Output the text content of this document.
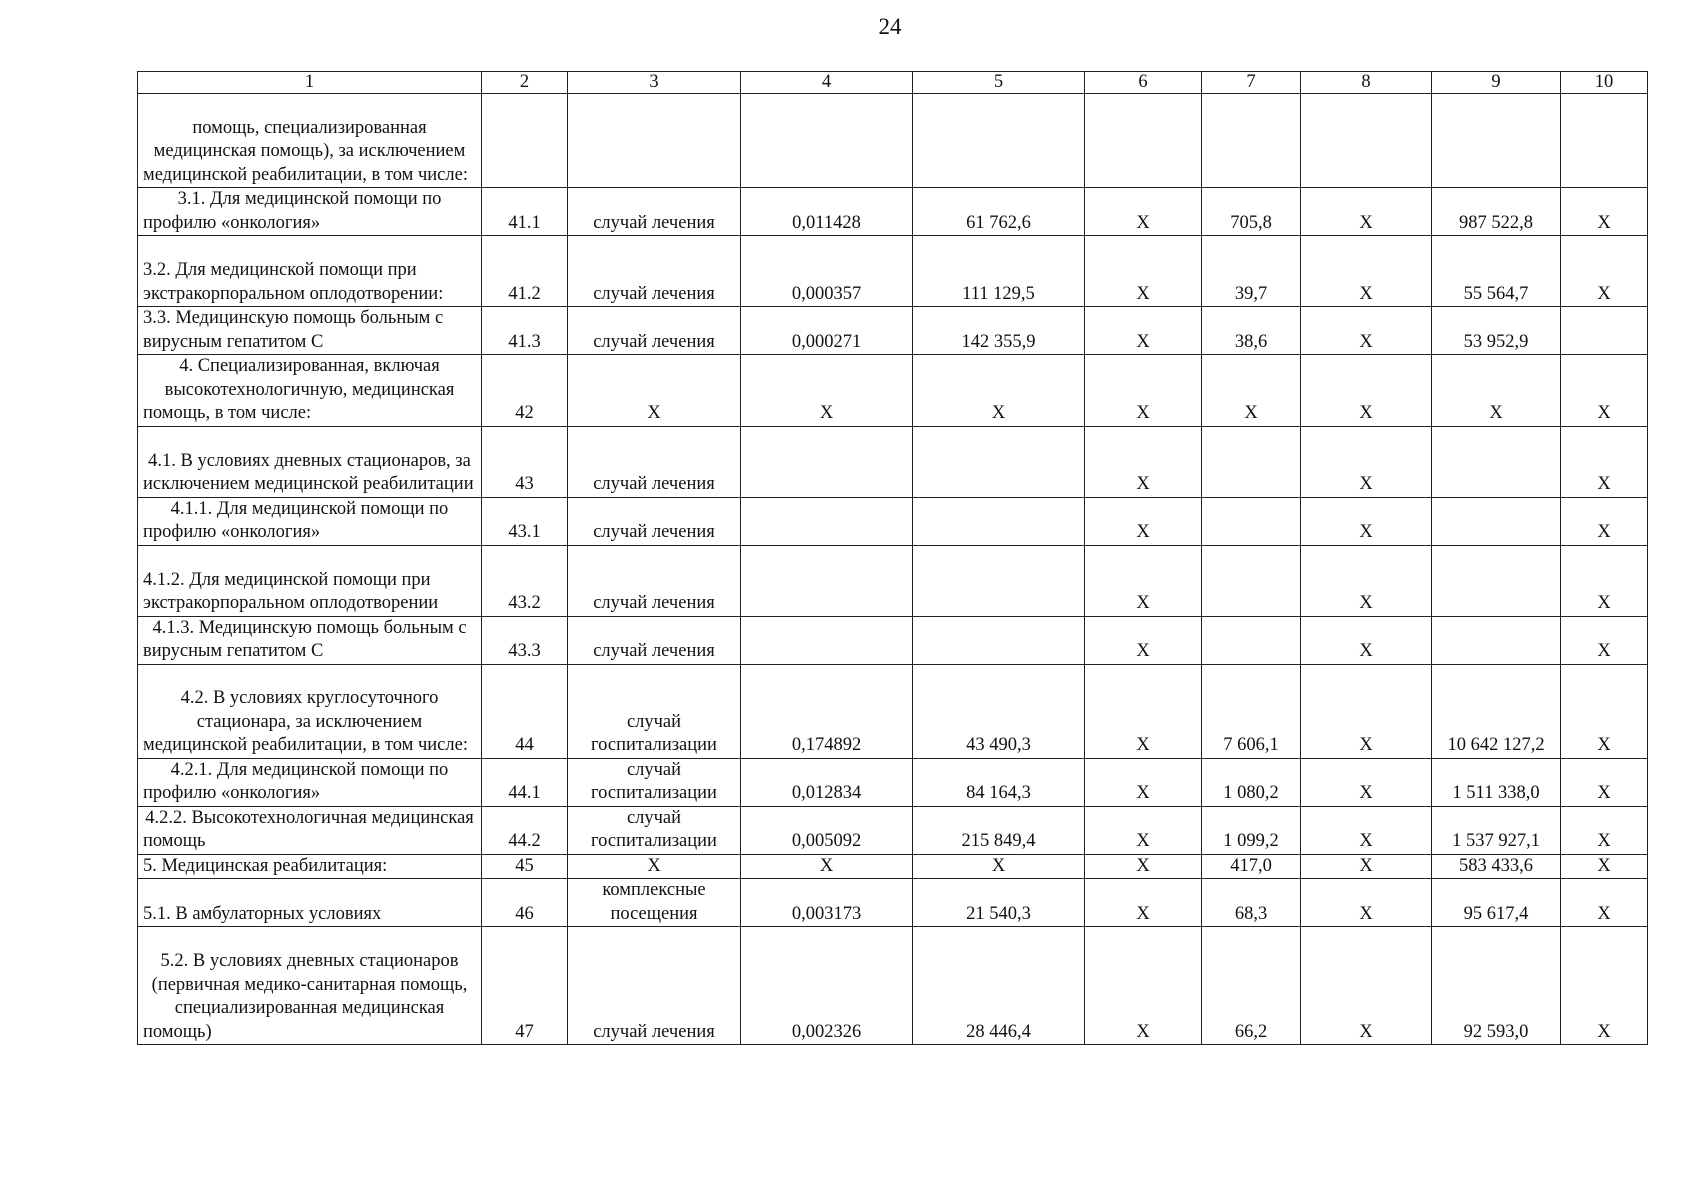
24
1	2	3	4	5	6	7	8	9	10
помощь, специализированная медицинская помощь), за исключением медицинской реабилитации, в том числе:									
3.1. Для медицинской помощи по профилю «онкология»	41.1	случай лечения	0,011428	61 762,6	X	705,8	X	987 522,8	X
3.2. Для медицинской помощи при экстракорпоральном оплодотворении:	41.2	случай лечения	0,000357	111 129,5	X	39,7	X	55 564,7	X
3.3. Медицинскую помощь больным с вирусным гепатитом С	41.3	случай лечения	0,000271	142 355,9	X	38,6	X	53 952,9	
4. Специализированная, включая высокотехнологичную, медицинская помощь, в том числе:	42	X	X	X	X	X	X	X	X
4.1. В условиях дневных стационаров, за исключением медицинской реабилитации	43	случай лечения			X		X		X
4.1.1. Для медицинской помощи по профилю «онкология»	43.1	случай лечения			X		X		X
4.1.2. Для медицинской помощи при экстракорпоральном оплодотворении	43.2	случай лечения			X		X		X
4.1.3. Медицинскую помощь больным с вирусным гепатитом С	43.3	случай лечения			X		X		X
4.2. В условиях круглосуточного стационара, за исключением медицинской реабилитации, в том числе:	44	случай госпитализации	0,174892	43 490,3	X	7 606,1	X	10 642 127,2	X
4.2.1. Для медицинской помощи по профилю «онкология»	44.1	случай госпитализации	0,012834	84 164,3	X	1 080,2	X	1 511 338,0	X
4.2.2. Высокотехнологичная медицинская помощь	44.2	случай госпитализации	0,005092	215 849,4	X	1 099,2	X	1 537 927,1	X
5. Медицинская реабилитация:	45	X	X	X	X	417,0	X	583 433,6	X
5.1. В амбулаторных условиях	46	комплексные посещения	0,003173	21 540,3	X	68,3	X	95 617,4	X
5.2. В условиях дневных стационаров (первичная медико-санитарная помощь, специализированная медицинская помощь)	47	случай лечения	0,002326	28 446,4	X	66,2	X	92 593,0	X
